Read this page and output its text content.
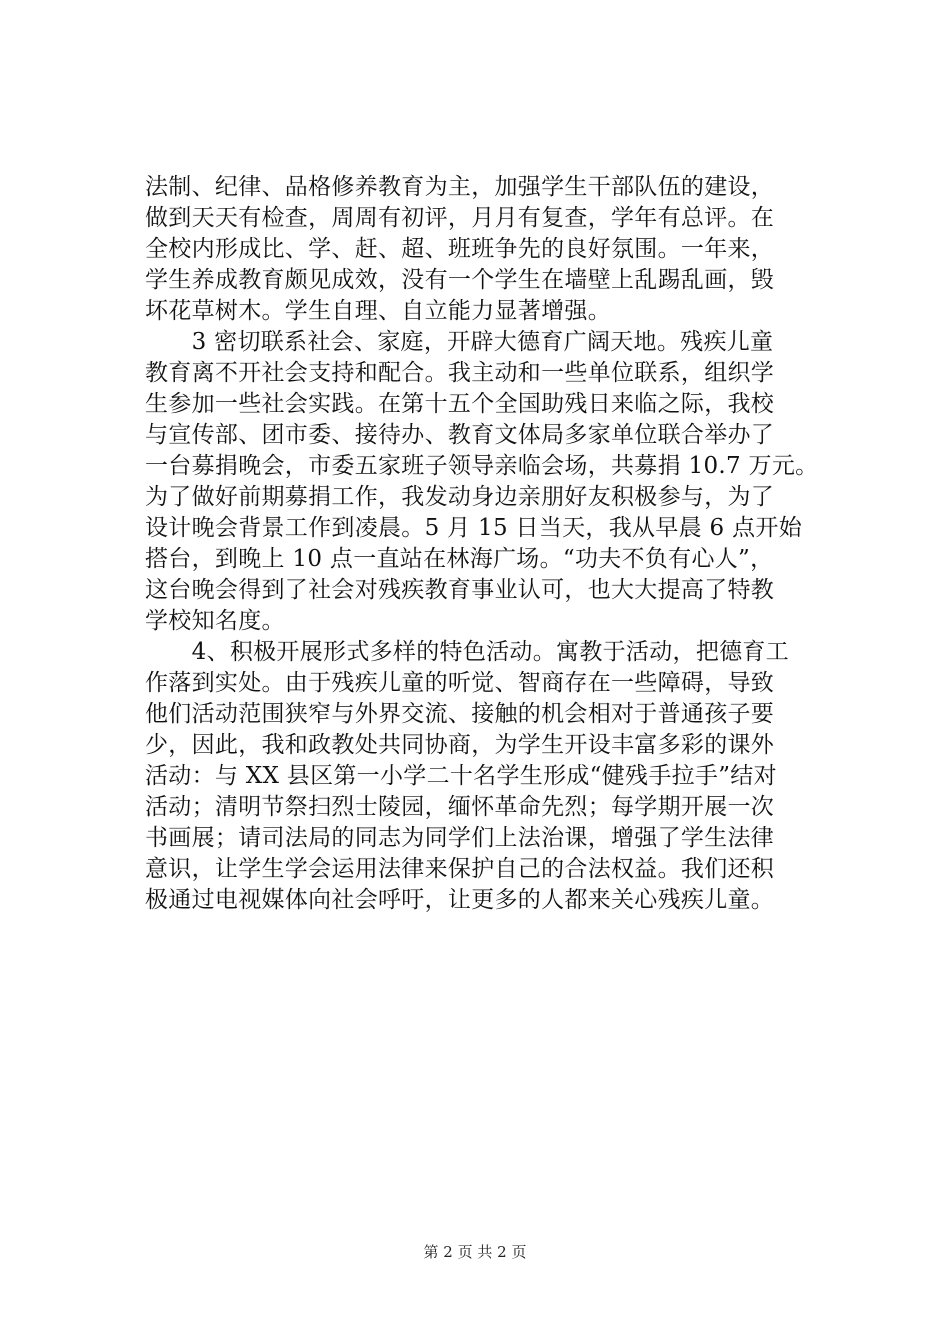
法制、纪律、品格修养教育为主，加强学生干部队伍的建设，
做到天天有检查，周周有初评，月月有复查，学年有总评。在
全校内形成比、学、赶、超、班班争先的良好氛围。一年来，
学生养成教育颇见成效，没有一个学生在墙壁上乱踢乱画，毁
坏花草树木。学生自理、自立能力显著增强。
　　3 密切联系社会、家庭，开辟大德育广阔天地。残疾儿童
教育离不开社会支持和配合。我主动和一些单位联系，组织学
生参加一些社会实践。在第十五个全国助残日来临之际，我校
与宣传部、团市委、接待办、教育文体局多家单位联合举办了
一台募捐晚会，市委五家班子领导亲临会场，共募捐 10.7 万元。
为了做好前期募捐工作，我发动身边亲朋好友积极参与，为了
设计晚会背景工作到凌晨。5 月 15 日当天，我从早晨 6 点开始
搭台，到晚上 10 点一直站在林海广场。“功夫不负有心人”，
这台晚会得到了社会对残疾教育事业认可，也大大提高了特教
学校知名度。
　　4、积极开展形式多样的特色活动。寓教于活动，把德育工
作落到实处。由于残疾儿童的听觉、智商存在一些障碍，导致
他们活动范围狭窄与外界交流、接触的机会相对于普通孩子要
少，因此，我和政教处共同协商，为学生开设丰富多彩的课外
活动：与 XX 县区第一小学二十名学生形成“健残手拉手”结对
活动；清明节祭扫烈士陵园，缅怀革命先烈；每学期开展一次
书画展；请司法局的同志为同学们上法治课，增强了学生法律
意识，让学生学会运用法律来保护自己的合法权益。我们还积
极通过电视媒体向社会呼吁，让更多的人都来关心残疾儿童。
第 2 页 共 2 页
